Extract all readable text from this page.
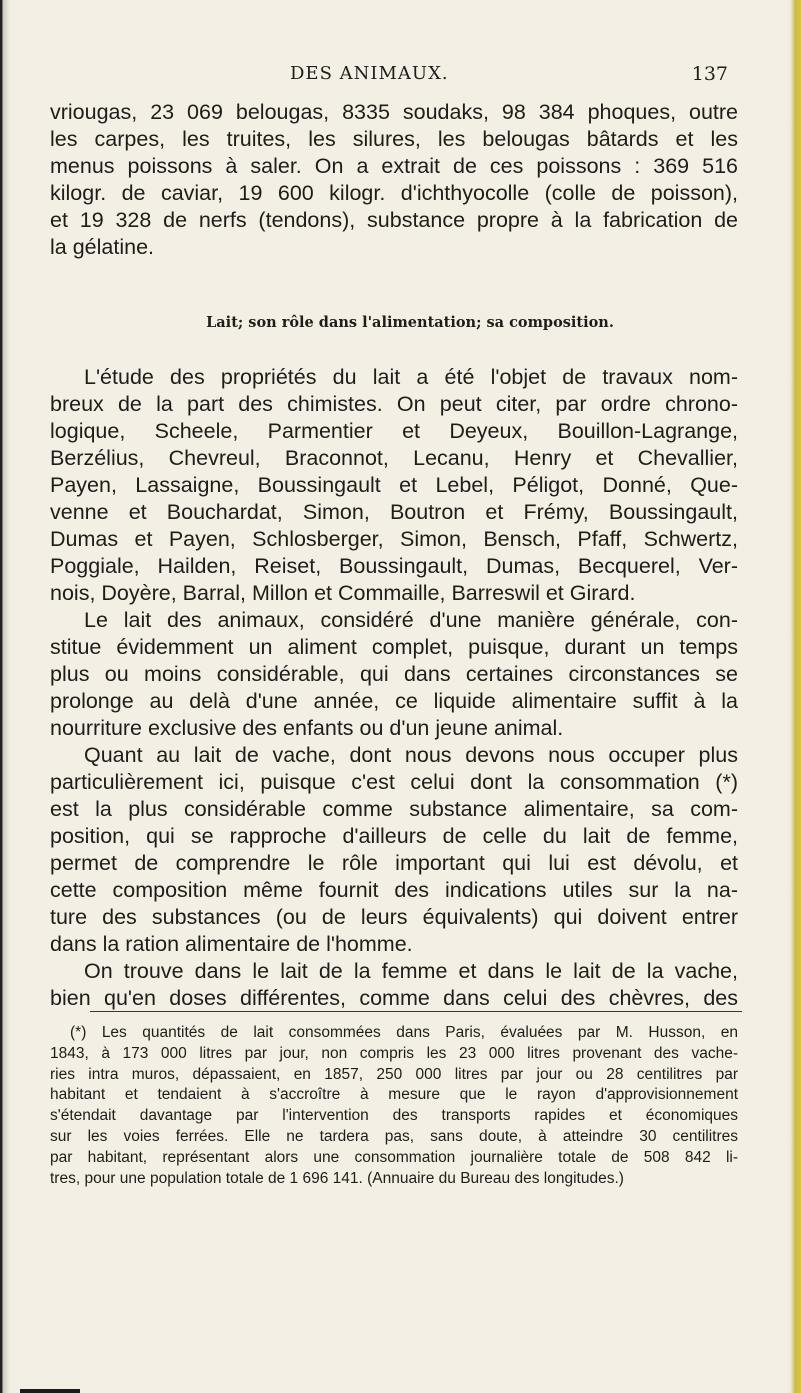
DES ANIMAUX.	137
vriougas, 23 069 belougas, 8335 soudaks, 98 384 phoques, outre
les carpes, les truites, les silures, les belougas bâtards et les
menus poissons à saler. On a extrait de ces poissons : 369 516
kilogr. de caviar, 19 600 kilogr. d'ichthyocolle (colle de poisson),
et 19 328 de nerfs (tendons), substance propre à la fabrication de
la gélatine.
Lait; son rôle dans l'alimentation; sa composition.
L'étude des propriétés du lait a été l'objet de travaux nom-
breux de la part des chimistes. On peut citer, par ordre chrono-
logique, Scheele, Parmentier et Deyeux, Bouillon-Lagrange,
Berzélius, Chevreul, Braconnot, Lecanu, Henry et Chevallier,
Payen, Lassaigne, Boussingault et Lebel, Péligot, Donné, Que-
venne et Bouchardat, Simon, Boutron et Frémy, Boussingault,
Dumas et Payen, Schlosberger, Simon, Bensch, Pfaff, Schwertz,
Poggiale, Hailden, Reiset, Boussingault, Dumas, Becquerel, Ver-
nois, Doyère, Barral, Millon et Commaille, Barreswil et Girard.
Le lait des animaux, considéré d'une manière générale, con-
stitue évidemment un aliment complet, puisque, durant un temps
plus ou moins considérable, qui dans certaines circonstances se
prolonge au delà d'une année, ce liquide alimentaire suffit à la
nourriture exclusive des enfants ou d'un jeune animal.
Quant au lait de vache, dont nous devons nous occuper plus
particulièrement ici, puisque c'est celui dont la consommation (*)
est la plus considérable comme substance alimentaire, sa com-
position, qui se rapproche d'ailleurs de celle du lait de femme,
permet de comprendre le rôle important qui lui est dévolu, et
cette composition même fournit des indications utiles sur la na-
ture des substances (ou de leurs équivalents) qui doivent entrer
dans la ration alimentaire de l'homme.
On trouve dans le lait de la femme et dans le lait de la vache,
bien qu'en doses différentes, comme dans celui des chèvres, des
(*) Les quantités de lait consommées dans Paris, évaluées par M. Husson, en
1843, à 173 000 litres par jour, non compris les 23 000 litres provenant des vache-
ries intra muros, dépassaient, en 1857, 250 000 litres par jour ou 28 centilitres par
habitant et tendaient à s'accroître à mesure que le rayon d'approvisionnement
s'étendait davantage par l'intervention des transports rapides et économiques
sur les voies ferrées. Elle ne tardera pas, sans doute, à atteindre 30 centilitres
par habitant, représentant alors une consommation journalière totale de 508 842 li-
tres, pour une population totale de 1 696 141. (Annuaire du Bureau des longitudes.)
